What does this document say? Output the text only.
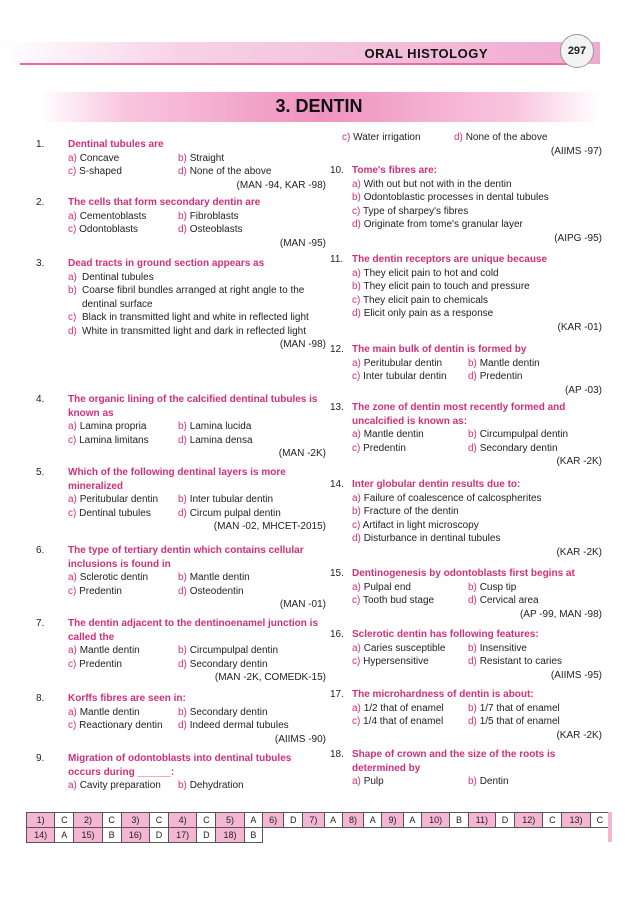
ORAL HISTOLOGY	297
3. DENTIN
1. Dentinal tubules are
a) Concave	b) Straight
c) S-shaped	d) None of the above
(MAN -94, KAR -98)
2. The cells that form secondary dentin are
a) Cementoblasts	b) Fibroblasts
c) Odontoblasts	d) Osteoblasts
(MAN -95)
3. Dead tracts in ground section appears as
a) Dentinal tubules
b) Coarse fibril bundles arranged at right angle to the dentinal surface
c) Black in transmitted light and white in reflected light
d) White in transmitted light and dark in reflected light
(MAN -98)
4. The organic lining of the calcified dentinal tubules is known as
a) Lamina propria	b) Lamina lucida
c) Lamina limitans	d) Lamina densa
(MAN -2K)
5. Which of the following dentinal layers is more mineralized
a) Peritubular dentin	b) Inter tubular dentin
c) Dentinal tubules	d) Circum pulpal dentin
(MAN -02, MHCET-2015)
6. The type of tertiary dentin which contains cellular inclusions is found in
a) Sclerotic dentin	b) Mantle dentin
c) Predentin	d) Osteodentin
(MAN -01)
7. The dentin adjacent to the dentinoenamel junction is called the
a) Mantle dentin	b) Circumpulpal dentin
c) Predentin	d) Secondary dentin
(MAN -2K, COMEDK-15)
8. Korffs fibres are seen in:
a) Mantle dentin	b) Secondary dentin
c) Reactionary dentin	d) Indeed dermal tubules
(AIIMS -90)
9. Migration of odontoblasts into dentinal tubules occurs during ______:
a) Cavity preparation	b) Dehydration
c) Water irrigation	d) None of the above
(AIIMS -97)
10. Tome's fibres are:
a) With out but not with in the dentin
b) Odontoblastic processes in dental tubules
c) Type of sharpey's fibres
d) Originate from tome's granular layer
(AIPG -95)
11. The dentin receptors are unique because
a) They elicit pain to hot and cold
b) They elicit pain to touch and pressure
c) They elicit pain to chemicals
d) Elicit only pain as a response
(KAR -01)
12. The main bulk of dentin is formed by
a) Peritubular dentin	b) Mantle dentin
c) Inter tubular dentin	d) Predentin
(AP -03)
13. The zone of dentin most recently formed and uncalcified is known as:
a) Mantle dentin	b) Circumpulpal dentin
c) Predentin	d) Secondary dentin
(KAR -2K)
14. Inter globular dentin results due to:
a) Failure of coalescence of calcospherites
b) Fracture of the dentin
c) Artifact in light microscopy
d) Disturbance in dentinal tubules
(KAR -2K)
15. Dentinogenesis by odontoblasts first begins at
a) Pulpal end	b) Cusp tip
c) Tooth bud stage	d) Cervical area
(AP -99, MAN -98)
16. Sclerotic dentin has following features:
a) Caries susceptible	b) Insensitive
c) Hypersensitive	d) Resistant to caries
(AIIMS -95)
17. The microhardness of dentin is about:
a) 1/2 that of enamel	b) 1/7 that of enamel
c) 1/4 that of enamel	d) 1/5 that of enamel
(KAR -2K)
18. Shape of crown and the size of the roots is determined by
a) Pulp	b) Dentin
1)	C	2)	C	3)	C	4)	C	5)	A	6)	D	7)	A	8)	A	9)	A	10)	B	11)	D	12)	C	13)	C
14)	A	15)	B	16)	D	17)	D	18)	B																
